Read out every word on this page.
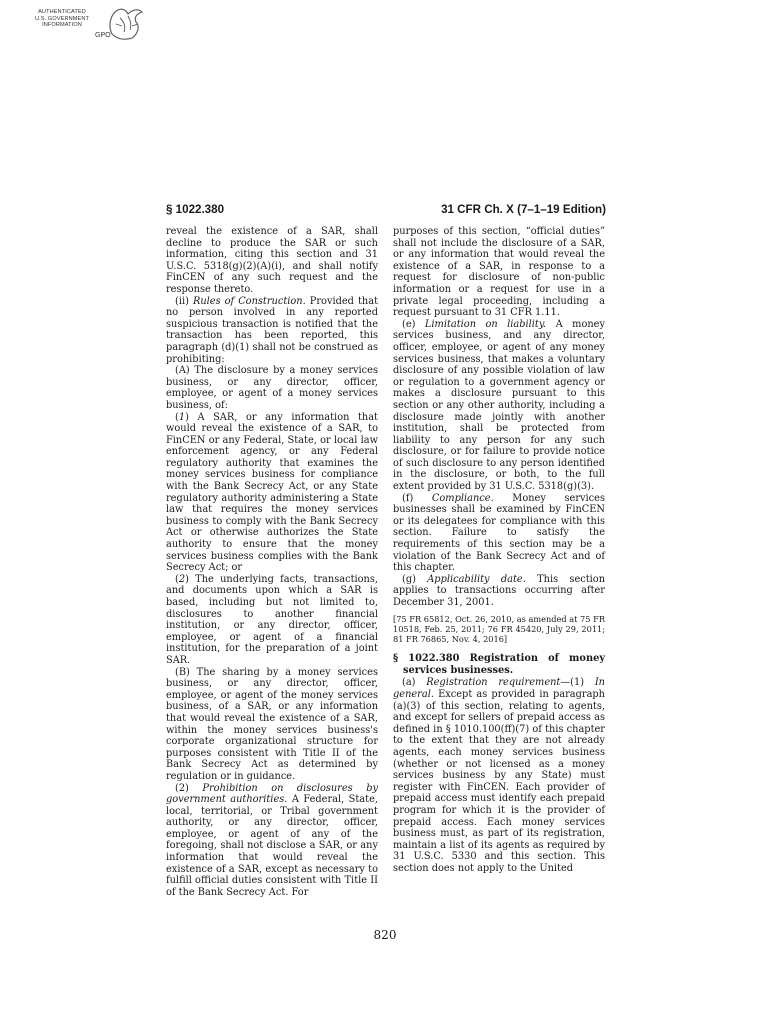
AUTHENTICATED
U.S. GOVERNMENT
INFORMATION
GPO
§ 1022.380	31 CFR Ch. X (7–1–19 Edition)

reveal the existence of a SAR, shall decline to produce the SAR or such information, citing this section and 31 U.S.C. 5318(g)(2)(A)(i), and shall notify FinCEN of any such request and the response thereto.

(ii) Rules of Construction. Provided that no person involved in any reported suspicious transaction is notified that the transaction has been reported, this paragraph (d)(1) shall not be construed as prohibiting:

(A) The disclosure by a money services business, or any director, officer, employee, or agent of a money services business, of:

(1) A SAR, or any information that would reveal the existence of a SAR, to FinCEN or any Federal, State, or local law enforcement agency, or any Federal regulatory authority that examines the money services business for compliance with the Bank Secrecy Act, or any State regulatory authority administering a State law that requires the money services business to comply with the Bank Secrecy Act or otherwise authorizes the State authority to ensure that the money services business complies with the Bank Secrecy Act; or

(2) The underlying facts, transactions, and documents upon which a SAR is based, including but not limited to, disclosures to another financial institution, or any director, officer, employee, or agent of a financial institution, for the preparation of a joint SAR.

(B) The sharing by a money services business, or any director, officer, employee, or agent of the money services business, of a SAR, or any information that would reveal the existence of a SAR, within the money services business's corporate organizational structure for purposes consistent with Title II of the Bank Secrecy Act as determined by regulation or in guidance.

(2) Prohibition on disclosures by government authorities. A Federal, State, local, territorial, or Tribal government authority, or any director, officer, employee, or agent of any of the foregoing, shall not disclose a SAR, or any information that would reveal the existence of a SAR, except as necessary to fulfill official duties consistent with Title II of the Bank Secrecy Act. For

purposes of this section, “official duties” shall not include the disclosure of a SAR, or any information that would reveal the existence of a SAR, in response to a request for disclosure of non-public information or a request for use in a private legal proceeding, including a request pursuant to 31 CFR 1.11.

(e) Limitation on liability. A money services business, and any director, officer, employee, or agent of any money services business, that makes a voluntary disclosure of any possible violation of law or regulation to a government agency or makes a disclosure pursuant to this section or any other authority, including a disclosure made jointly with another institution, shall be protected from liability to any person for any such disclosure, or for failure to provide notice of such disclosure to any person identified in the disclosure, or both, to the full extent provided by 31 U.S.C. 5318(g)(3).

(f) Compliance. Money services businesses shall be examined by FinCEN or its delegatees for compliance with this section. Failure to satisfy the requirements of this section may be a violation of the Bank Secrecy Act and of this chapter.

(g) Applicability date. This section applies to transactions occurring after December 31, 2001.

[75 FR 65812, Oct. 26, 2010, as amended at 75 FR 10518, Feb. 25, 2011; 76 FR 45420, July 29, 2011; 81 FR 76865, Nov. 4, 2016]

§ 1022.380 Registration of money services businesses.

(a) Registration requirement—(1) In general. Except as provided in paragraph (a)(3) of this section, relating to agents, and except for sellers of prepaid access as defined in § 1010.100(ff)(7) of this chapter to the extent that they are not already agents, each money services business (whether or not licensed as a money services business by any State) must register with FinCEN. Each provider of prepaid access must identify each prepaid program for which it is the provider of prepaid access. Each money services business must, as part of its registration, maintain a list of its agents as required by 31 U.S.C. 5330 and this section. This section does not apply to the United

820
